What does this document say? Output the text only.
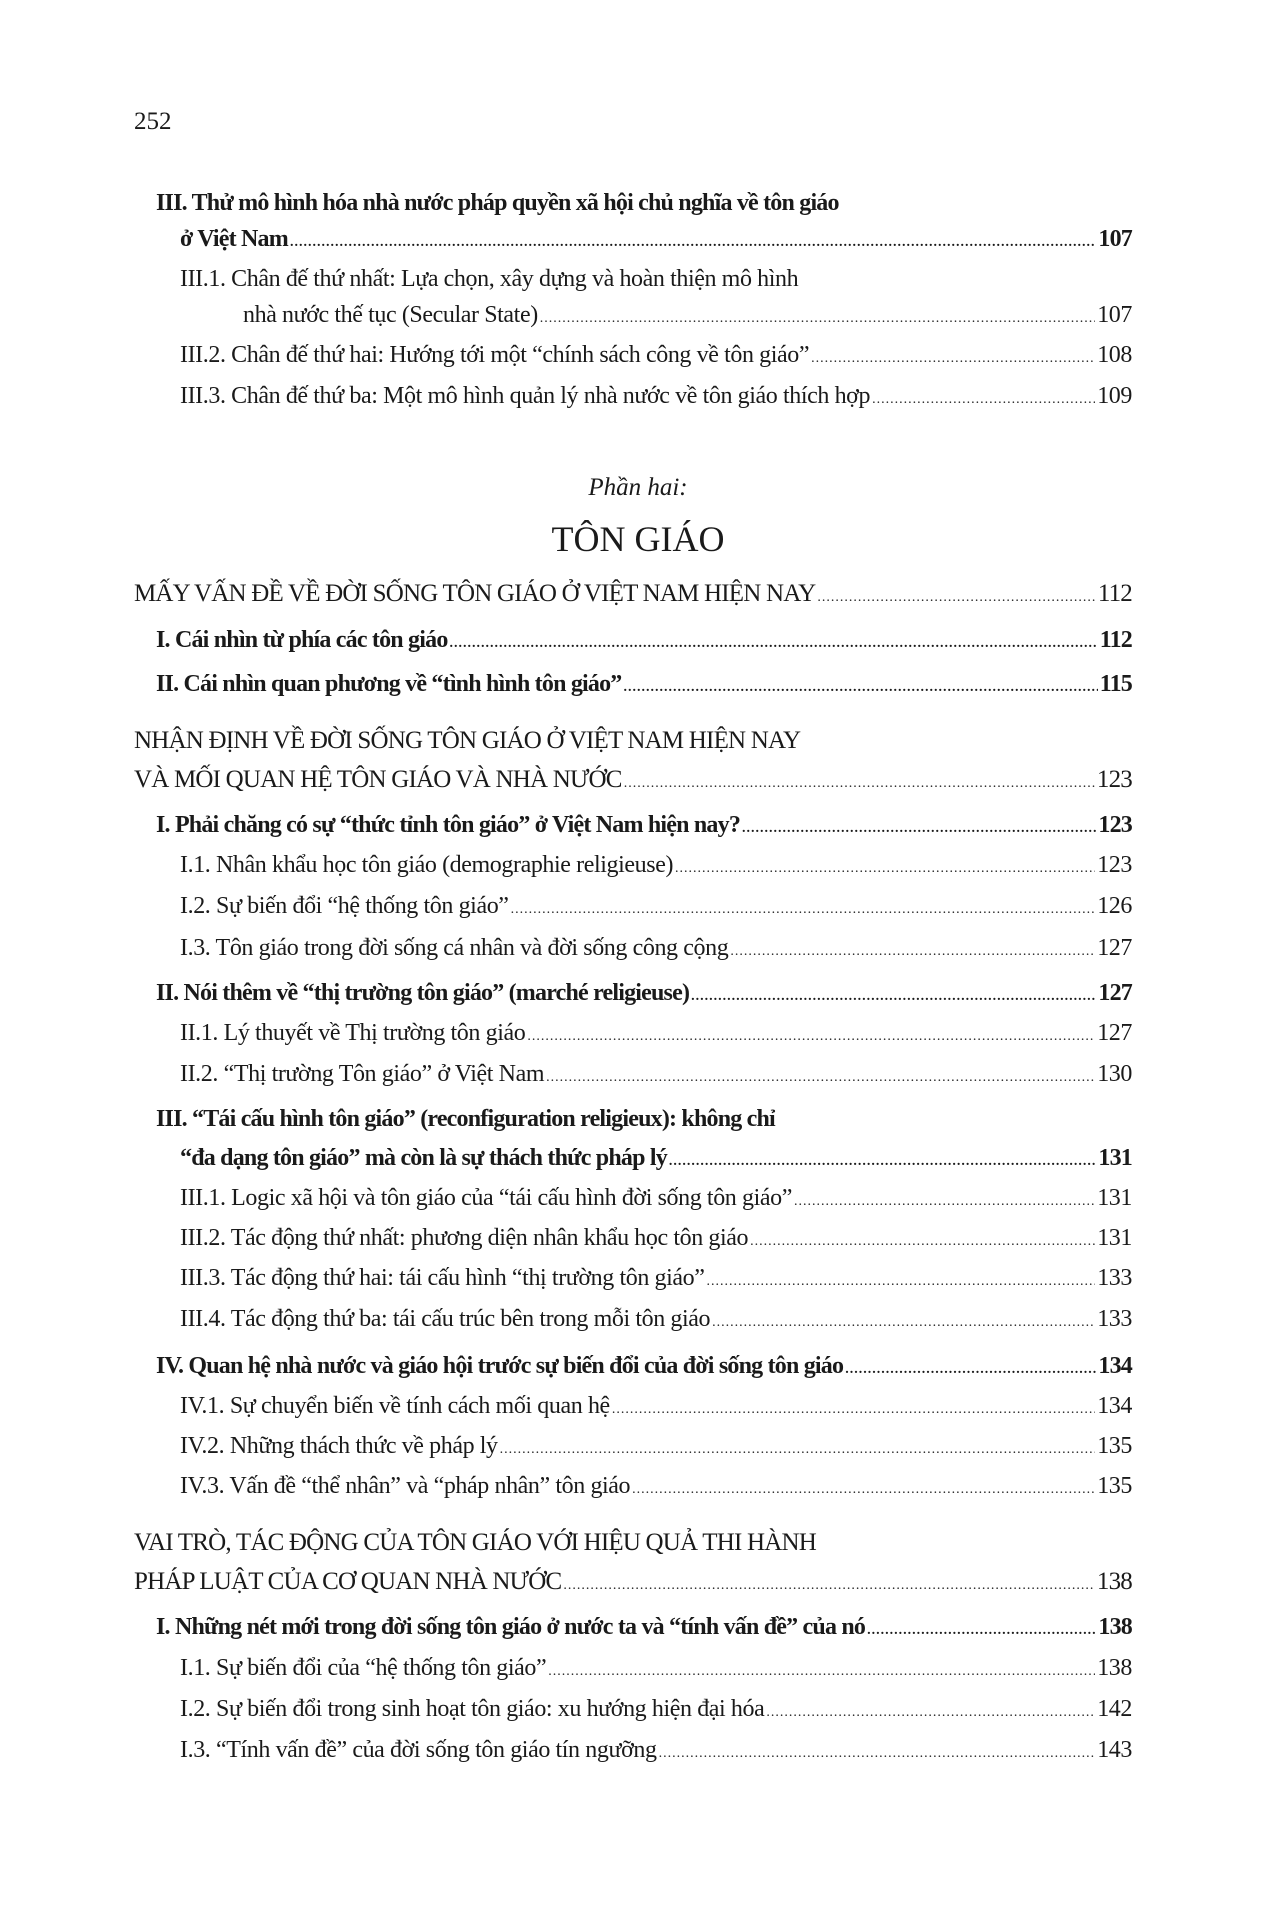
252
Phần hai:
TÔN GIÁO
III. Thử mô hình hóa nhà nước pháp quyền xã hội chủ nghĩa về tôn giáo
ở Việt Nam .....	107
III.1. Chân đế thứ nhất: Lựa chọn, xây dựng và hoàn thiện mô hình
nhà nước thế tục (Secular State) .....	107
III.2. Chân đế thứ hai: Hướng tới một “chính sách công về tôn giáo” .....	108
III.3. Chân đế thứ ba: Một mô hình quản lý nhà nước về tôn giáo thích hợp .....	109
MẤY VẤN ĐỀ VỀ ĐỜI SỐNG TÔN GIÁO Ở VIỆT NAM HIỆN NAY .....	112
I. Cái nhìn từ phía các tôn giáo .....	112
II. Cái nhìn quan phương về “tình hình tôn giáo” .....	115
NHẬN ĐỊNH VỀ ĐỜI SỐNG TÔN GIÁO Ở VIỆT NAM HIỆN NAY
VÀ MỐI QUAN HỆ TÔN GIÁO VÀ NHÀ NƯỚC .....	123
I. Phải chăng có sự “thức tỉnh tôn giáo” ở Việt Nam hiện nay? .....	123
I.1. Nhân khẩu học tôn giáo (demographie religieuse) .....	123
I.2. Sự biến đổi “hệ thống tôn giáo” .....	126
I.3. Tôn giáo trong đời sống cá nhân và đời sống công cộng .....	127
II. Nói thêm về “thị trường tôn giáo” (marché religieuse) .....	127
II.1. Lý thuyết về Thị trường tôn giáo .....	127
II.2. “Thị trường Tôn giáo” ở Việt Nam .....	130
III. “Tái cấu hình tôn giáo” (reconfiguration religieux): không chỉ
“đa dạng tôn giáo” mà còn là sự thách thức pháp lý .....	131
III.1. Logic xã hội và tôn giáo của “tái cấu hình đời sống tôn giáo” .....	131
III.2. Tác động thứ nhất: phương diện nhân khẩu học tôn giáo .....	131
III.3. Tác động thứ hai: tái cấu hình “thị trường tôn giáo” .....	133
III.4. Tác động thứ ba: tái cấu trúc bên trong mỗi tôn giáo .....	133
IV. Quan hệ nhà nước và giáo hội trước sự biến đổi của đời sống tôn giáo .....	134
IV.1. Sự chuyển biến về tính cách mối quan hệ .....	134
IV.2. Những thách thức về pháp lý .....	135
IV.3. Vấn đề “thể nhân” và “pháp nhân” tôn giáo .....	135
VAI TRÒ, TÁC ĐỘNG CỦA TÔN GIÁO VỚI HIỆU QUẢ THI HÀNH
PHÁP LUẬT CỦA CƠ QUAN NHÀ NƯỚC .....	138
I. Những nét mới trong đời sống tôn giáo ở nước ta và “tính vấn đề” của nó .....	138
I.1. Sự biến đổi của “hệ thống tôn giáo” .....	138
I.2. Sự biến đổi trong sinh hoạt tôn giáo: xu hướng hiện đại hóa .....	142
I.3. “Tính vấn đề” của đời sống tôn giáo tín ngưỡng .....	143
